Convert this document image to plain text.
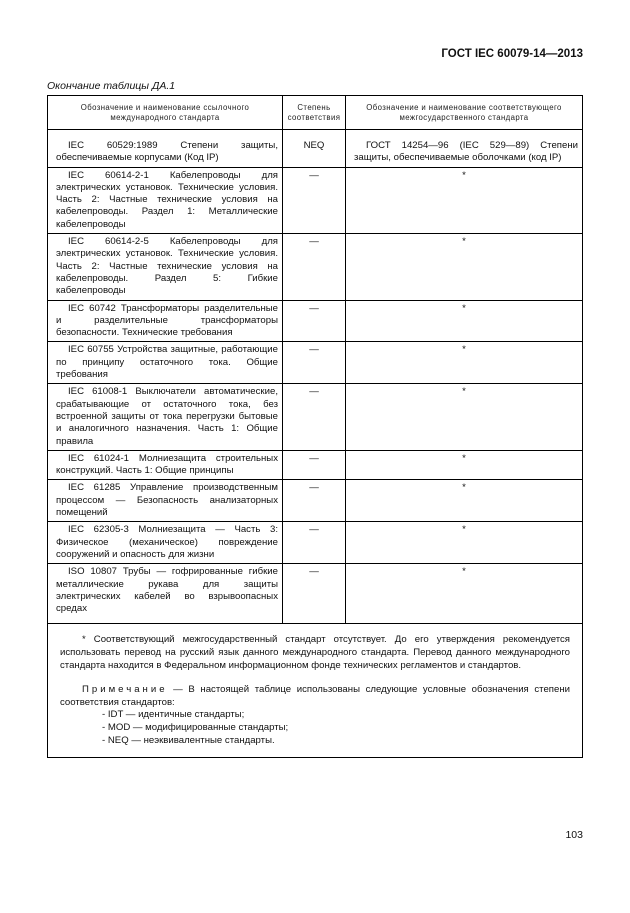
ГОСТ IEC 60079-14—2013
Окончание таблицы ДА.1
Обозначение и наименование ссылочного международного стандарта	Степень соответствия	Обозначение и наименование соответствующего межгосударственного стандарта
IEC 60529:1989 Степени защиты, обеспечиваемые корпусами (Код IP)	NEQ	ГОСТ 14254—96 (IEC 529—89) Степени защиты, обеспечиваемые оболочками (код IP)
IEC 60614-2-1 Кабелепроводы для электрических установок. Технические условия. Часть 2: Частные технические условия на кабелепроводы. Раздел 1: Металлические кабелепроводы	—	*
IEC 60614-2-5 Кабелепроводы для электрических установок. Технические условия. Часть 2: Частные технические условия на кабелепроводы. Раздел 5: Гибкие кабелепроводы	—	*
IEC 60742 Трансформаторы разделительные и разделительные трансформаторы безопасности. Технические требования	—	*
IEC 60755 Устройства защитные, работающие по принципу остаточного тока. Общие требования	—	*
IEC 61008-1 Выключатели автоматические, срабатывающие от остаточного тока, без встроенной защиты от тока перегрузки бытовые и аналогичного назначения. Часть 1: Общие правила	—	*
IEC 61024-1 Молниезащита строительных конструкций. Часть 1: Общие принципы	—	*
IEC 61285 Управление производственным процессом — Безопасность анализаторных помещений	—	*
IEC 62305-3 Молниезащита — Часть 3: Физическое (механическое) повреждение сооружений и опасность для жизни	—	*
ISO 10807 Трубы — гофрированные гибкие металлические рукава для защиты электрических кабелей во взрывоопасных средах	—	*

* Соответствующий межгосударственный стандарт отсутствует. До его утверждения рекомендуется использовать перевод на русский язык данного международного стандарта. Перевод данного международного стандарта находится в Федеральном информационном фонде технических регламентов и стандартов.
Примечание — В настоящей таблице использованы следующие условные обозначения степени соответствия стандартов:
- IDT — идентичные стандарты;
- MOD — модифицированные стандарты;
- NEQ — неэквивалентные стандарты.		
103
